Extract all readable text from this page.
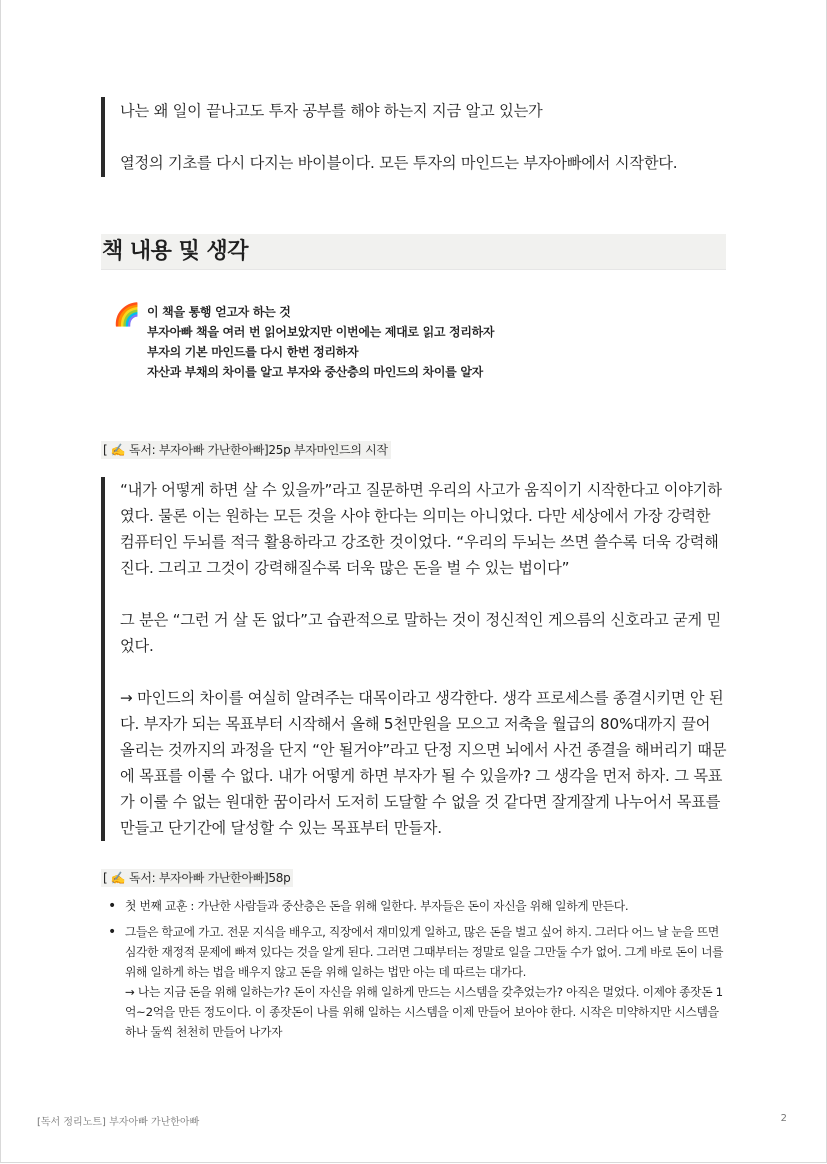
나는 왜 일이 끝나고도 투자 공부를 해야 하는지 지금 알고 있는가

열정의 기초를 다시 다지는 바이블이다. 모든 투자의 마인드는 부자아빠에서 시작한다.

책 내용 및 생각
🌈 이 책을 통행 얻고자 하는 것
부자아빠 책을 여러 번 읽어보았지만 이번에는 제대로 읽고 정리하자
부자의 기본 마인드를 다시 한번 정리하자
자산과 부채의 차이를 알고 부자와 중산층의 마인드의 차이를 알자
[ ✍️ 독서: 부자아빠 가난한아빠]25p 부자마인드의 시작

“내가 어떻게 하면 살 수 있을까”라고 질문하면 우리의 사고가 움직이기 시작한다고 이야기하였다. 물론 이는 원하는 모든 것을 사야 한다는 의미는 아니었다. 다만 세상에서 가장 강력한 컴퓨터인 두뇌를 적극 활용하라고 강조한 것이었다. “우리의 두뇌는 쓰면 쓸수록 더욱 강력해진다. 그리고 그것이 강력해질수록 더욱 많은 돈을 벌 수 있는 법이다”

그 분은 “그런 거 살 돈 없다”고 습관적으로 말하는 것이 정신적인 게으름의 신호라고 굳게 믿었다.

→ 마인드의 차이를 여실히 알려주는 대목이라고 생각한다. 생각 프로세스를 종결시키면 안 된다. 부자가 되는 목표부터 시작해서 올해 5천만원을 모으고 저축을 월급의 80%대까지 끌어 올리는 것까지의 과정을 단지 “안 될거야”라고 단정 지으면 뇌에서 사건 종결을 해버리기 때문에 목표를 이룰 수 없다. 내가 어떻게 하면 부자가 될 수 있을까? 그 생각을 먼저 하자. 그 목표가 이룰 수 없는 원대한 꿈이라서 도저히 도달할 수 없을 것 같다면 잘게잘게 나누어서 목표를 만들고 단기간에 달성할 수 있는 목표부터 만들자.

[ ✍️ 독서: 부자아빠 가난한아빠]58p
• 첫 번째 교훈 : 가난한 사람들과 중산층은 돈을 위해 일한다. 부자들은 돈이 자신을 위해 일하게 만든다.
• 그들은 학교에 가고. 전문 지식을 배우고, 직장에서 재미있게 일하고, 많은 돈을 벌고 싶어 하지. 그러다 어느 날 눈을 뜨면 심각한 재정적 문제에 빠져 있다는 것을 알게 된다. 그러면 그때부터는 정말로 일을 그만둘 수가 없어. 그게 바로 돈이 너를 위해 일하게 하는 법을 배우지 않고 돈을 위해 일하는 법만 아는 데 따르는 대가다.
→ 나는 지금 돈을 위해 일하는가? 돈이 자신을 위해 일하게 만드는 시스템을 갖추었는가? 아직은 멀었다. 이제야 종잣돈 1억~2억을 만든 정도이다. 이 종잣돈이 나를 위해 일하는 시스템을 이제 만들어 보아야 한다. 시작은 미약하지만 시스템을 하나 둘씩 천천히 만들어 나가자
[독서 정리노트] 부자아빠 가난한아빠	2
